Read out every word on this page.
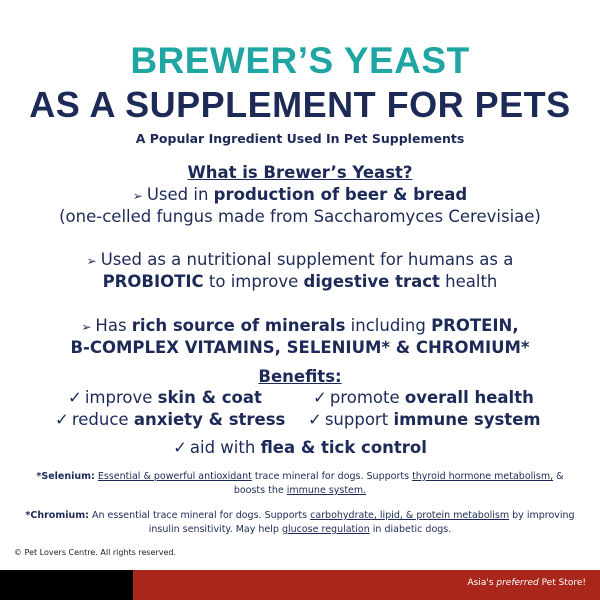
BREWER’S YEAST
AS A SUPPLEMENT FOR PETS
A Popular Ingredient Used In Pet Supplements
What is Brewer’s Yeast?
➢ Used in production of beer & bread
(one-celled fungus made from Saccharomyces Cerevisiae)
➢ Used as a nutritional supplement for humans as a
PROBIOTIC to improve digestive tract health
➢ Has rich source of minerals including PROTEIN,
B-COMPLEX VITAMINS, SELENIUM* & CHROMIUM*
Benefits:
✓ improve skin & coat	✓ promote overall health
✓ reduce anxiety & stress ✓ support immune system
✓ aid with flea & tick control
*Selenium: Essential & powerful antioxidant trace mineral for dogs. Supports thyroid hormone metabolism, & boosts the immune system.
*Chromium: An essential trace mineral for dogs. Supports carbohydrate, lipid, & protein metabolism by improving insulin sensitivity. May help glucose regulation in diabetic dogs.
© Pet Lovers Centre. All rights reserved.
Asia's preferred Pet Store!
